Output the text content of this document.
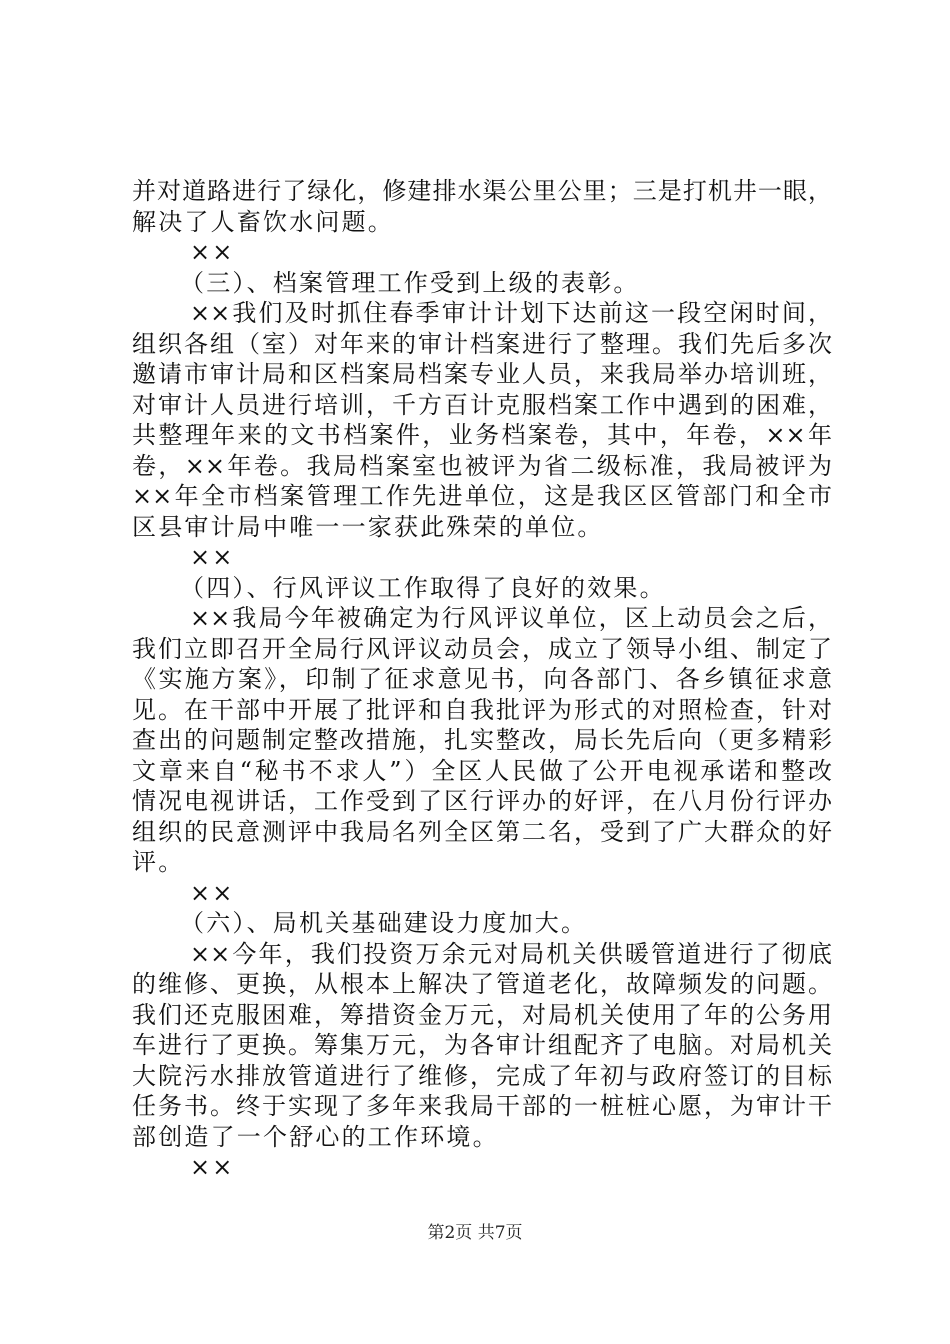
并对道路进行了绿化，修建排水渠公里公里；三是打机井一眼，
解决了人畜饮水问题。
××
（三）、档案管理工作受到上级的表彰。
××我们及时抓住春季审计计划下达前这一段空闲时间，
组织各组（室）对年来的审计档案进行了整理。我们先后多次
邀请市审计局和区档案局档案专业人员，来我局举办培训班，
对审计人员进行培训，千方百计克服档案工作中遇到的困难，
共整理年来的文书档案件，业务档案卷，其中，年卷，××年
卷，××年卷。我局档案室也被评为省二级标准，我局被评为
××年全市档案管理工作先进单位，这是我区区管部门和全市
区县审计局中唯一一家获此殊荣的单位。
××
（四）、行风评议工作取得了良好的效果。
××我局今年被确定为行风评议单位，区上动员会之后，
我们立即召开全局行风评议动员会，成立了领导小组、制定了
《实施方案》，印制了征求意见书，向各部门、各乡镇征求意
见。在干部中开展了批评和自我批评为形式的对照检查，针对
查出的问题制定整改措施，扎实整改，局长先后向（更多精彩
文章来自“秘书不求人”）全区人民做了公开电视承诺和整改
情况电视讲话，工作受到了区行评办的好评，在八月份行评办
组织的民意测评中我局名列全区第二名，受到了广大群众的好
评。
××
（六）、局机关基础建设力度加大。
××今年，我们投资万余元对局机关供暖管道进行了彻底
的维修、更换，从根本上解决了管道老化，故障频发的问题。
我们还克服困难，筹措资金万元，对局机关使用了年的公务用
车进行了更换。筹集万元，为各审计组配齐了电脑。对局机关
大院污水排放管道进行了维修，完成了年初与政府签订的目标
任务书。终于实现了多年来我局干部的一桩桩心愿，为审计干
部创造了一个舒心的工作环境。
××
第2页 共7页
